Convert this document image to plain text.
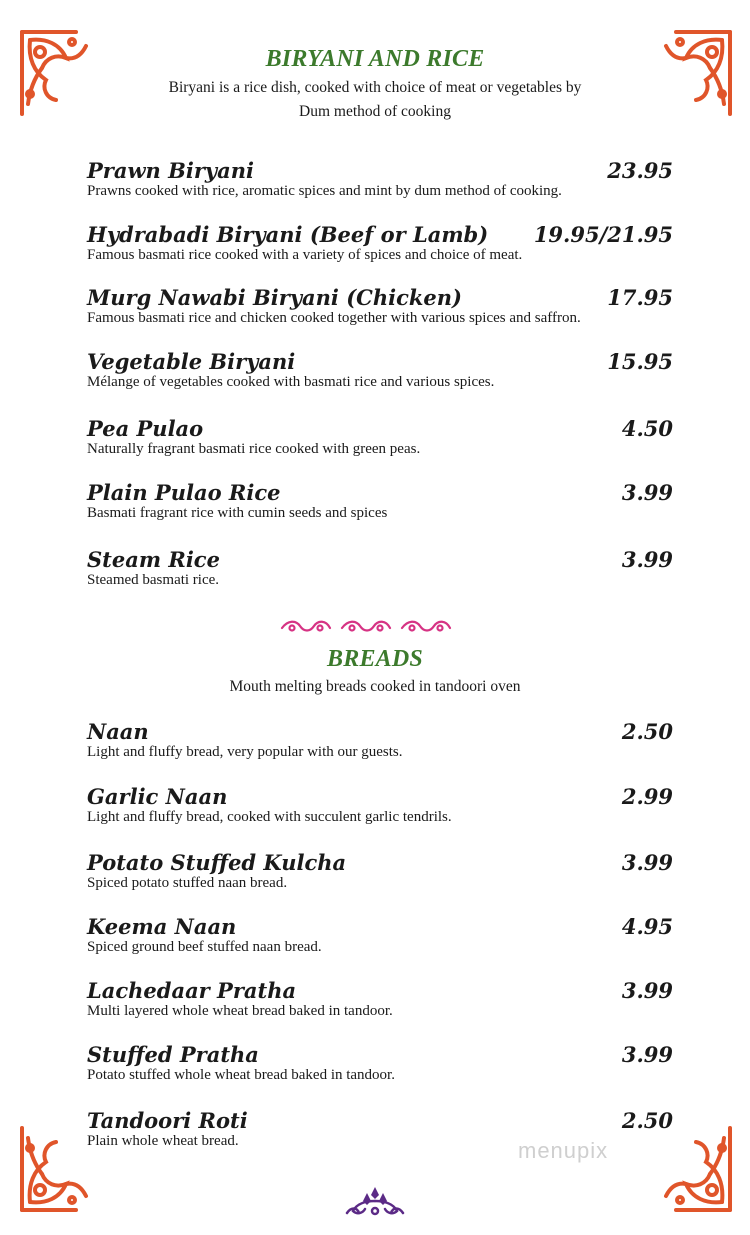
BIRYANI AND RICE
Biryani is a rice dish, cooked with choice of meat or vegetables by
Dum method of cooking
Prawn Biryani	23.95
Prawns cooked with rice, aromatic spices and mint by dum method of cooking.
Hydrabadi Biryani (Beef or Lamb)	19.95/21.95
Famous basmati rice cooked with a variety of spices and choice of meat.
Murg Nawabi Biryani (Chicken)	17.95
Famous basmati rice and chicken cooked together with various spices and saffron.
Vegetable Biryani	15.95
Mélange of vegetables cooked with basmati rice and various spices.
Pea Pulao	4.50
Naturally fragrant basmati rice cooked with green peas.
Plain Pulao Rice	3.99
Basmati fragrant rice with cumin seeds and spices
Steam Rice	3.99
Steamed basmati rice.
BREADS
Mouth melting breads cooked in tandoori oven
Naan	2.50
Light and fluffy bread, very popular with our guests.
Garlic Naan	2.99
Light and fluffy bread, cooked with succulent garlic tendrils.
Potato Stuffed Kulcha	3.99
Spiced potato stuffed naan bread.
Keema Naan	4.95
Spiced ground beef stuffed naan bread.
Lachedaar Pratha	3.99
Multi layered whole wheat bread baked in tandoor.
Stuffed Pratha	3.99
Potato stuffed whole wheat bread baked in tandoor.
Tandoori Roti	2.50
Plain whole wheat bread.	menupix
